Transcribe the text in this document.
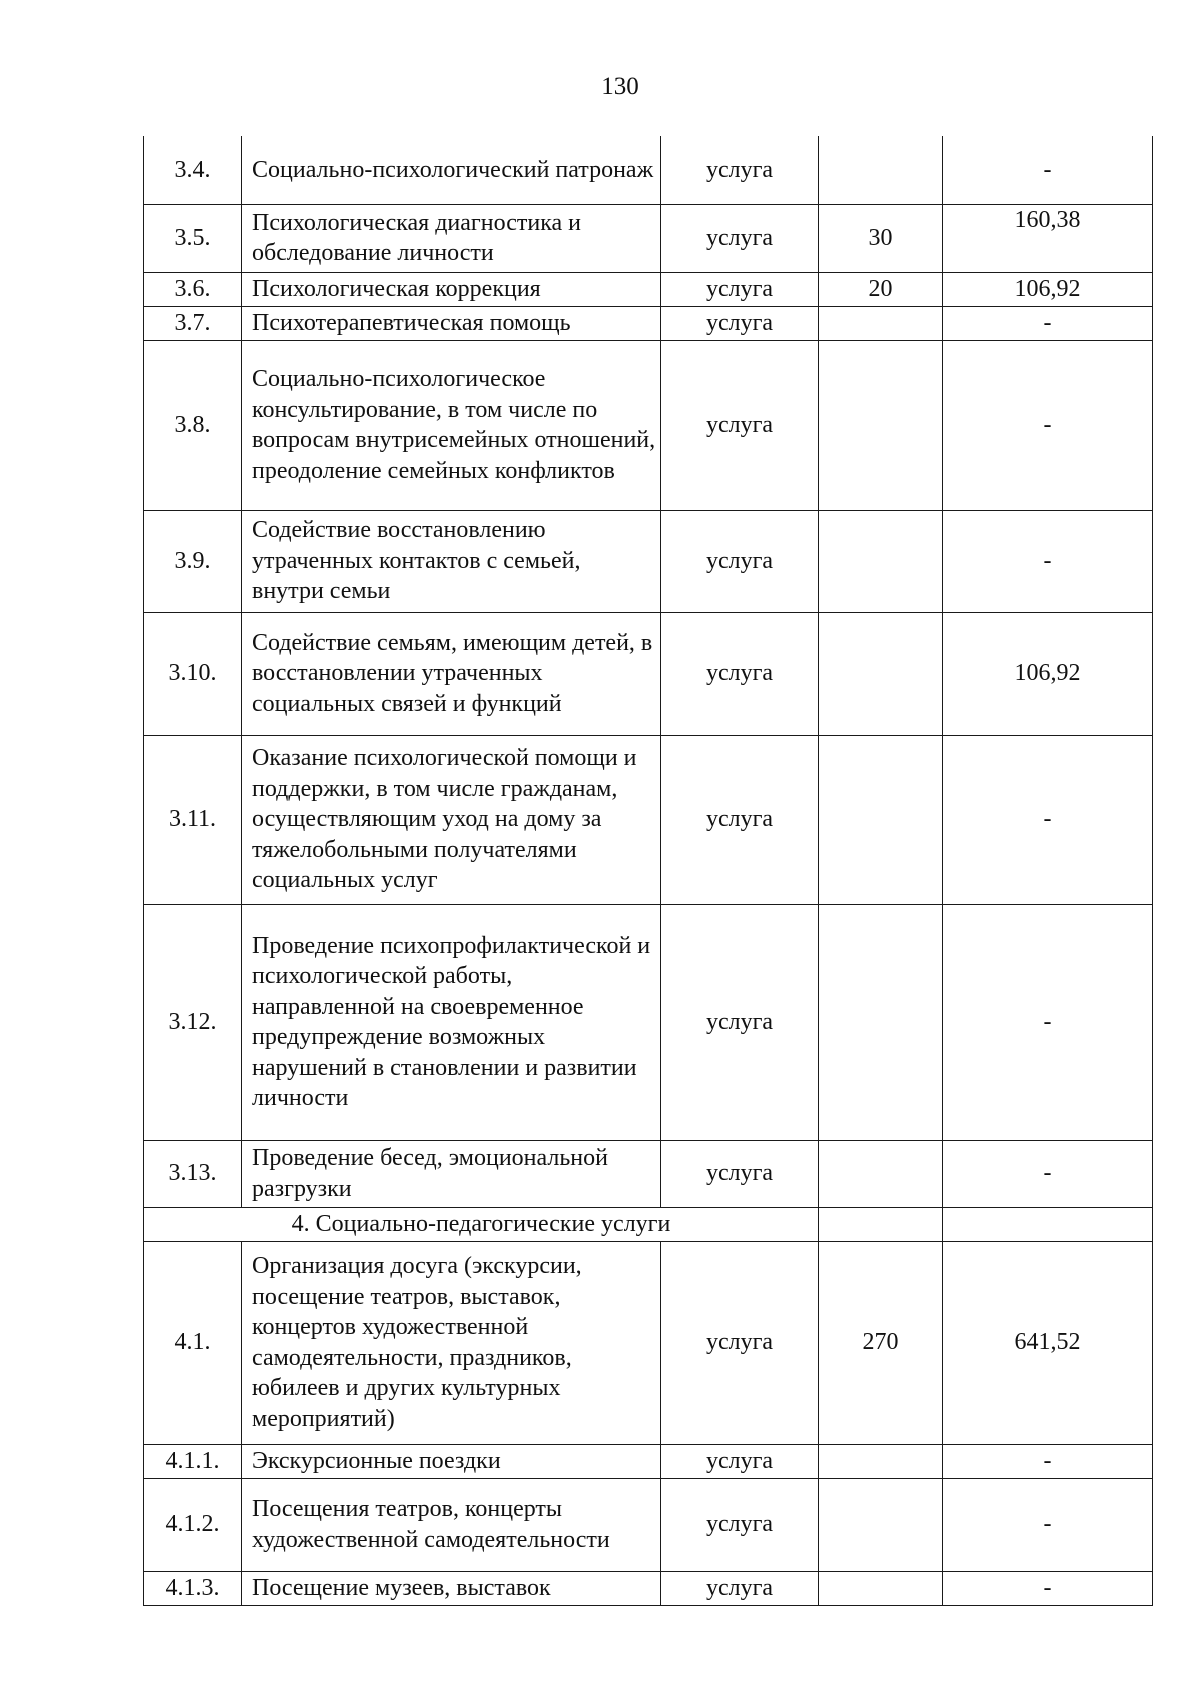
130
3.4.	Социально-психологический патронаж	услуга		-
3.5.	Психологическая диагностика и обследование личности	услуга	30	160,38
3.6.	Психологическая коррекция	услуга	20	106,92
3.7.	Психотерапевтическая помощь	услуга		-
3.8.	Социально-психологическое консультирование, в том числе по вопросам внутрисемейных отношений, преодоление семейных конфликтов	услуга		-
3.9.	Содействие восстановлению утраченных контактов с семьей, внутри семьи	услуга		-
3.10.	Содействие семьям, имеющим детей, в восстановлении утраченных социальных связей и функций	услуга		106,92
3.11.	Оказание психологической помощи и поддержки, в том числе гражданам, осуществляющим уход на дому за тяжелобольными получателями социальных услуг	услуга		-
3.12.	Проведение психопрофилактической и психологической работы, направленной на своевременное предупреждение возможных нарушений в становлении и развитии личности	услуга		-
3.13.	Проведение бесед, эмоциональной разгрузки	услуга		-
4. Социально-педагогические услуги				
4.1.	Организация досуга (экскурсии, посещение театров, выставок, концертов художественной самодеятельности, праздников, юбилеев и других культурных мероприятий)	услуга	270	641,52
4.1.1.	Экскурсионные поездки	услуга		-
4.1.2.	Посещения театров, концерты художественной самодеятельности	услуга		-
4.1.3.	Посещение музеев, выставок	услуга		-
